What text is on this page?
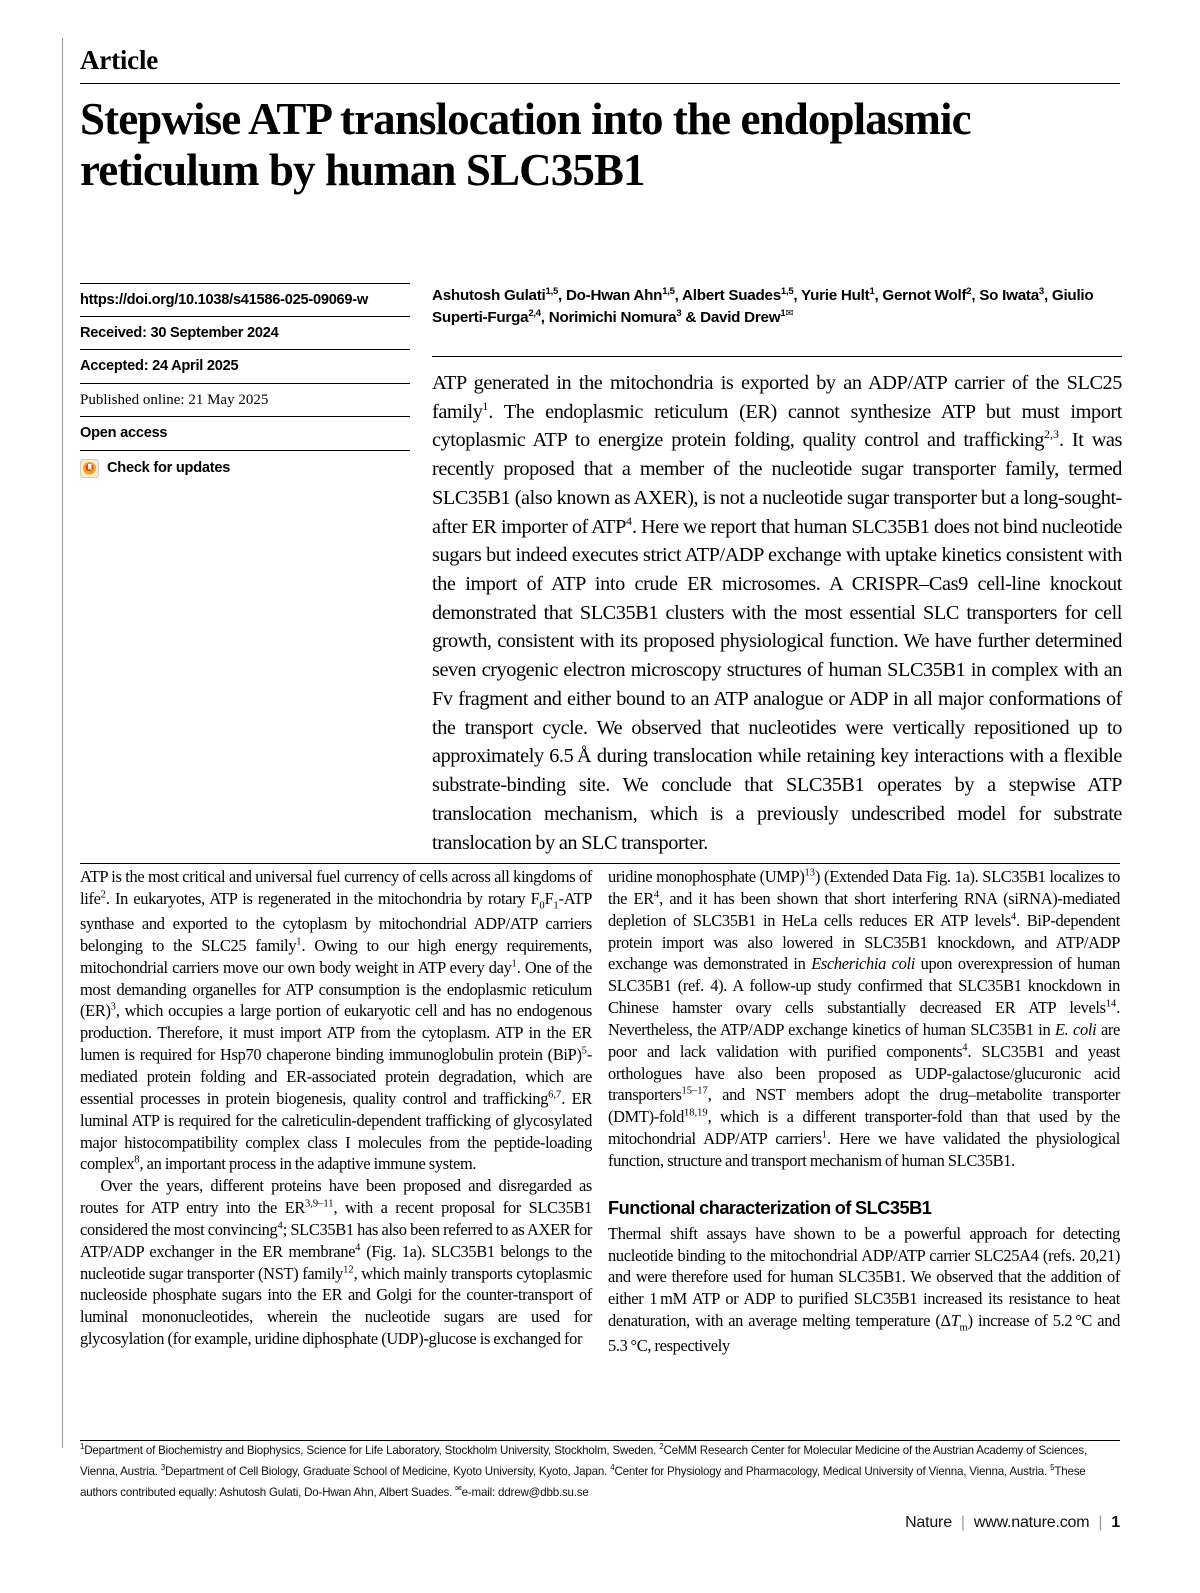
Article
Stepwise ATP translocation into the endoplasmic reticulum by human SLC35B1
https://doi.org/10.1038/s41586-025-09069-w
Received: 30 September 2024
Accepted: 24 April 2025
Published online: 21 May 2025
Open access
Check for updates
Ashutosh Gulati$^{1,5}$, Do-Hwan Ahn$^{1,5}$, Albert Suades$^{1,5}$, Yurie Hult$^1$, Gernot Wolf$^2$, So Iwata$^3$, Giulio Superti-Furga$^{2,4}$, Norimichi Nomura$^3$ & David Drew$^{1✉}$

ATP generated in the mitochondria is exported by an ADP/ATP carrier of the SLC25 family$^1$. The endoplasmic reticulum (ER) cannot synthesize ATP but must import cytoplasmic ATP to energize protein folding, quality control and trafficking$^{2,3}$. It was recently proposed that a member of the nucleotide sugar transporter family, termed SLC35B1 (also known as AXER), is not a nucleotide sugar transporter but a long-sought-after ER importer of ATP$^4$. Here we report that human SLC35B1 does not bind nucleotide sugars but indeed executes strict ATP/ADP exchange with uptake kinetics consistent with the import of ATP into crude ER microsomes. A CRISPR–Cas9 cell-line knockout demonstrated that SLC35B1 clusters with the most essential SLC transporters for cell growth, consistent with its proposed physiological function. We have further determined seven cryogenic electron microscopy structures of human SLC35B1 in complex with an Fv fragment and either bound to an ATP analogue or ADP in all major conformations of the transport cycle. We observed that nucleotides were vertically repositioned up to approximately 6.5 Å during translocation while retaining key interactions with a flexible substrate-binding site. We conclude that SLC35B1 operates by a stepwise ATP translocation mechanism, which is a previously undescribed model for substrate translocation by an SLC transporter.

ATP is the most critical and universal fuel currency of cells across all kingdoms of life$^2$. In eukaryotes, ATP is regenerated in the mitochondria by rotary $F_0F_1$-ATP synthase and exported to the cytoplasm by mitochondrial ADP/ATP carriers belonging to the SLC25 family$^1$. Owing to our high energy requirements, mitochondrial carriers move our own body weight in ATP every day$^1$. One of the most demanding organelles for ATP consumption is the endoplasmic reticulum (ER)$^3$, which occupies a large portion of eukaryotic cell and has no endogenous production. Therefore, it must import ATP from the cytoplasm. ATP in the ER lumen is required for Hsp70 chaperone binding immunoglobulin protein (BiP)$^5$-mediated protein folding and ER-associated protein degradation, which are essential processes in protein biogenesis, quality control and trafficking$^{6,7}$. ER luminal ATP is required for the calreticulin-dependent trafficking of glycosylated major histocompatibility complex class I molecules from the peptide-loading complex$^8$, an important process in the adaptive immune system.

Over the years, different proteins have been proposed and disregarded as routes for ATP entry into the ER$^{3,9-11}$, with a recent proposal for SLC35B1 considered the most convincing$^4$; SLC35B1 has also been referred to as AXER for ATP/ADP exchanger in the ER membrane$^4$ (Fig. 1a). SLC35B1 belongs to the nucleotide sugar transporter (NST) family$^{12}$, which mainly transports cytoplasmic nucleoside phosphate sugars into the ER and Golgi for the counter-transport of luminal mononucleotides, wherein the nucleotide sugars are used for glycosylation (for example, uridine diphosphate (UDP)-glucose is exchanged for

uridine monophosphate (UMP)$^{13}$) (Extended Data Fig. 1a). SLC35B1 localizes to the $ER^4$, and it has been shown that short interfering RNA (siRNA)-mediated depletion of SLC35B1 in HeLa cells reduces ER ATP levels$^4$. BiP-dependent protein import was also lowered in SLC35B1 knockdown, and ATP/ADP exchange was demonstrated in Escherichia coli upon overexpression of human SLC35B1 (ref. 4). A follow-up study confirmed that SLC35B1 knockdown in Chinese hamster ovary cells substantially decreased ER ATP levels$^{14}$. Nevertheless, the ATP/ADP exchange kinetics of human SLC35B1 in E. coli are poor and lack validation with purified components$^4$. SLC35B1 and yeast orthologues have also been proposed as UDP-galactose/glucuronic acid transporters$^{15-17}$, and NST members adopt the drug–metabolite transporter (DMT)-fold$^{18,19}$, which is a different transporter-fold than that used by the mitochondrial ADP/ATP carriers$^1$. Here we have validated the physiological function, structure and transport mechanism of human SLC35B1.

Functional characterization of SLC35B1

Thermal shift assays have shown to be a powerful approach for detecting nucleotide binding to the mitochondrial ADP/ATP carrier SLC25A4 (refs. 20,21) and were therefore used for human SLC35B1. We observed that the addition of either 1 mM ATP or ADP to purified SLC35B1 increased its resistance to heat denaturation, with an average melting temperature $(\Delta T_m)$ increase of 5.2 °C and 5.3 °C, respectively

$^1$Department of Biochemistry and Biophysics, Science for Life Laboratory, Stockholm University, Stockholm, Sweden. $^2$CeMM Research Center for Molecular Medicine of the Austrian Academy of Sciences, Vienna, Austria. $^3$Department of Cell Biology, Graduate School of Medicine, Kyoto University, Kyoto, Japan. $^4$Center for Physiology and Pharmacology, Medical University of Vienna, Vienna, Austria. $^5$These authors contributed equally: Ashutosh Gulati, Do-Hwan Ahn, Albert Suades. ✉e-mail: ddrew@dbb.su.se
Nature | www.nature.com | 1
